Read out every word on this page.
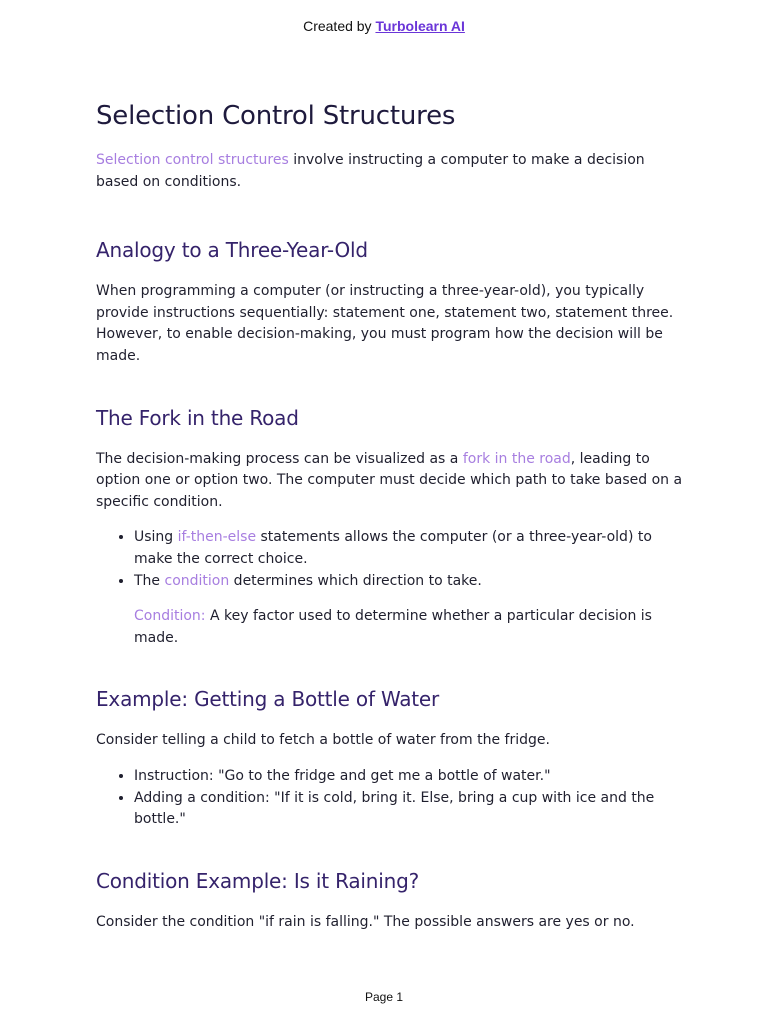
Created by Turbolearn AI
Selection Control Structures

Selection control structures involve instructing a computer to make a decision based on conditions.

Analogy to a Three-Year-Old

When programming a computer (or instructing a three-year-old), you typically provide instructions sequentially: statement one, statement two, statement three. However, to enable decision-making, you must program how the decision will be made.

The Fork in the Road

The decision-making process can be visualized as a fork in the road, leading to option one or option two. The computer must decide which path to take based on a specific condition.

• Using if-then-else statements allows the computer (or a three-year-old) to make the correct choice.
• The condition determines which direction to take.

Condition: A key factor used to determine whether a particular decision is made.

Example: Getting a Bottle of Water

Consider telling a child to fetch a bottle of water from the fridge.

• Instruction: "Go to the fridge and get me a bottle of water."
• Adding a condition: "If it is cold, bring it. Else, bring a cup with ice and the bottle."
Condition Example: Is it Raining?

Consider the condition "if rain is falling." The possible answers are yes or no.

Page 1
